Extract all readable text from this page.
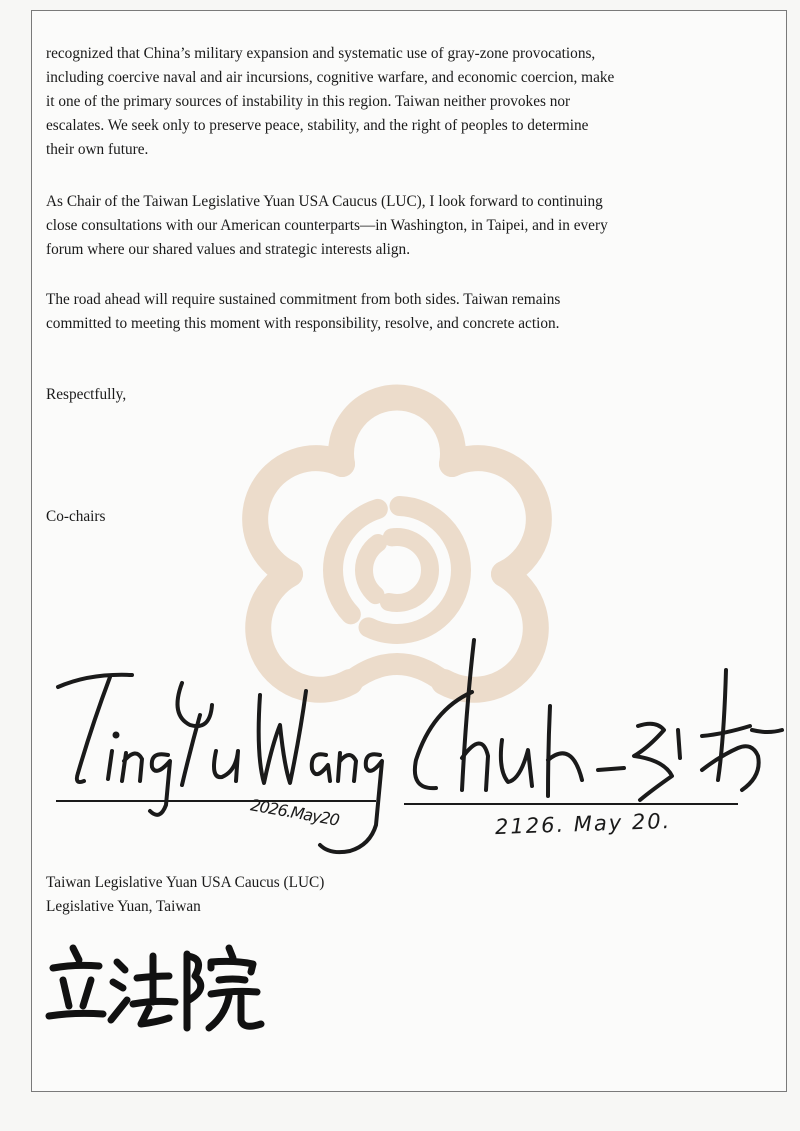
recognized that China’s military expansion and systematic use of gray-zone provocations,

including coercive naval and air incursions, cognitive warfare, and economic coercion, make

it one of the primary sources of instability in this region. Taiwan neither provokes nor

escalates. We seek only to preserve peace, stability, and the right of peoples to determine

their own future.

As Chair of the Taiwan Legislative Yuan USA Caucus (LUC), I look forward to continuing

close consultations with our American counterparts—in Washington, in Taipei, and in every

forum where our shared values and strategic interests align.

The road ahead will require sustained commitment from both sides. Taiwan remains

committed to meeting this moment with responsibility, resolve, and concrete action.

Respectfully,

Co-chairs

2026.May20	2126. May 20.

Taiwan Legislative Yuan USA Caucus (LUC)

Legislative Yuan, Taiwan
